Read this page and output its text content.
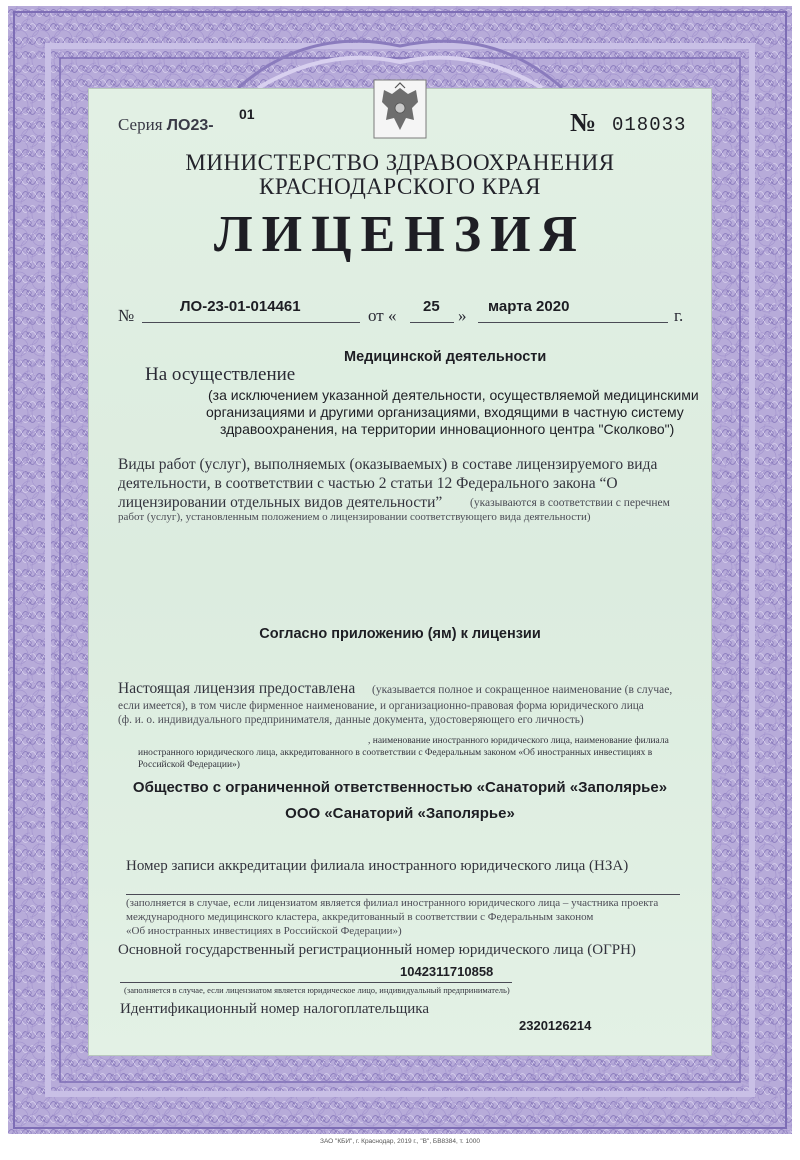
Серия ЛО23-
01	№ 018033
МИНИСТЕРСТВО ЗДРАВООХРАНЕНИЯ
КРАСНОДАРСКОГО КРАЯ
ЛИЦЕНЗИЯ
№	ЛО-23-01-014461	от « 25 » марта 2020	г.
Медицинской деятельности
На осуществление
(за исключением указанной деятельности, осуществляемой медицинскими
организациями и другими организациями, входящими в частную систему
здравоохранения, на территории инновационного центра "Сколково")
Виды работ (услуг), выполняемых (оказываемых) в составе лицензируемого вида
деятельности, в соответствии с частью 2 статьи 12 Федерального закона “О
лицензировании отдельных видов деятельности” (указываются в соответствии с перечнем
работ (услуг), установленным положением о лицензировании соответствующего вида деятельности)
Согласно приложению (ям) к лицензии
Настоящая лицензия предоставлена (указывается полное и сокращенное наименование (в случае,
если имеется), в том числе фирменное наименование, и организационно-правовая форма юридического лица
(ф. и. о. индивидуального предпринимателя, данные документа, удостоверяющего его личность)
, наименование иностранного юридического лица, наименование филиала
иностранного юридического лица, аккредитованного в соответствии с Федеральным законом «Об иностранных инвестициях в
Российской Федерации»)
Общество с ограниченной ответственностью «Санаторий «Заполярье»
ООО «Санаторий «Заполярье»
Номер записи аккредитации филиала иностранного юридического лица (НЗА)
(заполняется в случае, если лицензиатом является филиал иностранного юридического лица – участника проекта
международного медицинского кластера, аккредитованный в соответствии с Федеральным законом
«Об иностранных инвестициях в Российской Федерации»)
Основной государственный регистрационный номер юридического лица (ОГРН)
1042311710858
(заполняется в случае, если лицензиатом является юридическое лицо, индивидуальный предприниматель)
Идентификационный номер налогоплательщика
2320126214
ЗАО "КБИ", г. Краснодар, 2019 г., "В", БВ8384, т. 1000
